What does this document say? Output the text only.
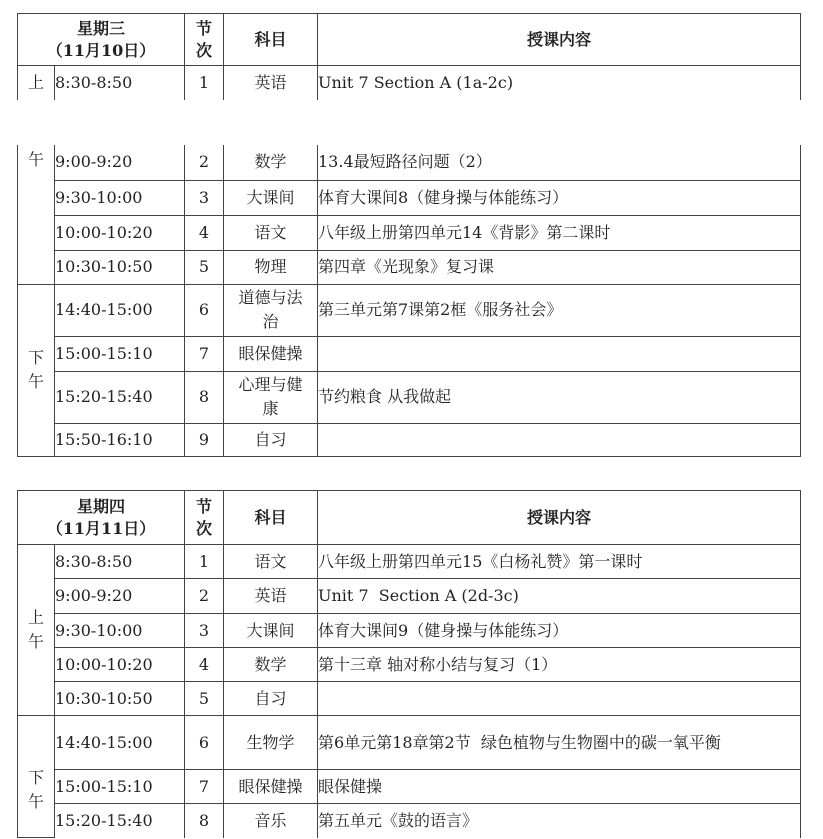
星期三
（11月10日）		节次	科目	授课内容
上	8:30-8:50	1	英语	Unit 7 Section A (1a-2c)
午	9:00-9:20	2	数学	13.4最短路径问题（2）
	9:30-10:00	3	大课间	体育大课间8（健身操与体能练习）
	10:00-10:20	4	语文	八年级上册第四单元14《背影》第二课时
	10:30-10:50	5	物理	第四章《光现象》复习课

下午	14:40-15:00	6	道德与法治	第三单元第7课第2框《服务社会》
	15:00-15:10	7	眼保健操	
	15:20-15:40	8	心理与健康	节约粮食 从我做起
	15:50-16:10	9	自习	
星期四
（11月11日）		节次	科目	授课内容

上午	8:30-8:50	1	语文	八年级上册第四单元15《白杨礼赞》第一课时
	9:00-9:20	2	英语	Unit 7  Section A (2d-3c)
	9:30-10:00	3	大课间	体育大课间9（健身操与体能练习）
	10:00-10:20	4	数学	第十三章 轴对称小结与复习（1）
	10:30-10:50	5	自习	

下午	14:40-15:00	6	生物学	第6单元第18章第2节  绿色植物与生物圈中的碳一氧平衡

	15:00-15:10	7	眼保健操	眼保健操
	15:20-15:40	8	音乐	第五单元《鼓的语言》
